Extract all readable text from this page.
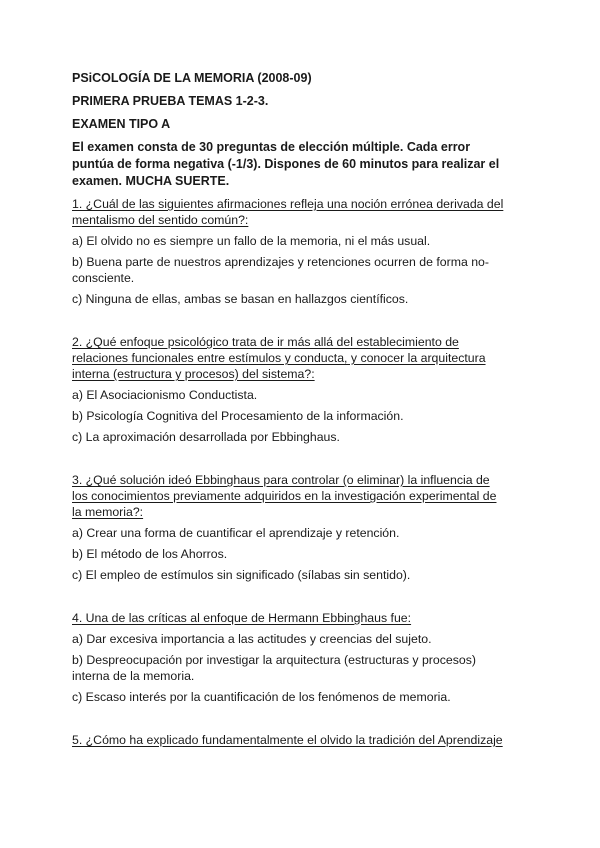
PSiCOLOGÍA DE LA MEMORIA (2008-09)

PRIMERA PRUEBA TEMAS 1-2-3.

EXAMEN TIPO A

El examen consta de 30 preguntas de elección múltiple. Cada error puntúa de forma negativa (-1/3). Dispones de 60 minutos para realizar el examen. MUCHA SUERTE.

1. ¿Cuál de las siguientes afirmaciones refleja una noción errónea derivada del mentalismo del sentido común?:

a) El olvido no es siempre un fallo de la memoria, ni el más usual.

b) Buena parte de nuestros aprendizajes y retenciones ocurren de forma no-consciente.

c) Ninguna de ellas, ambas se basan en hallazgos científicos.

2. ¿Qué enfoque psicológico trata de ir más allá del establecimiento de relaciones funcionales entre estímulos y conducta, y conocer la arquitectura interna (estructura y procesos) del sistema?:

a) El Asociacionismo Conductista.

b) Psicología Cognitiva del Procesamiento de la información.

c) La aproximación desarrollada por Ebbinghaus.

3. ¿Qué solución ideó Ebbinghaus para controlar (o eliminar) la influencia de los conocimientos previamente adquiridos en la investigación experimental de la memoria?:

a) Crear una forma de cuantificar el aprendizaje y retención.

b) El método de los Ahorros.

c) El empleo de estímulos sin significado (sílabas sin sentido).

4. Una de las críticas al enfoque de Hermann Ebbinghaus fue:

a) Dar excesiva importancia a las actitudes y creencias del sujeto.

b) Despreocupación por investigar la arquitectura (estructuras y procesos) interna de la memoria.

c) Escaso interés por la cuantificación de los fenómenos de memoria.

5. ¿Cómo ha explicado fundamentalmente el olvido la tradición del Aprendizaje
